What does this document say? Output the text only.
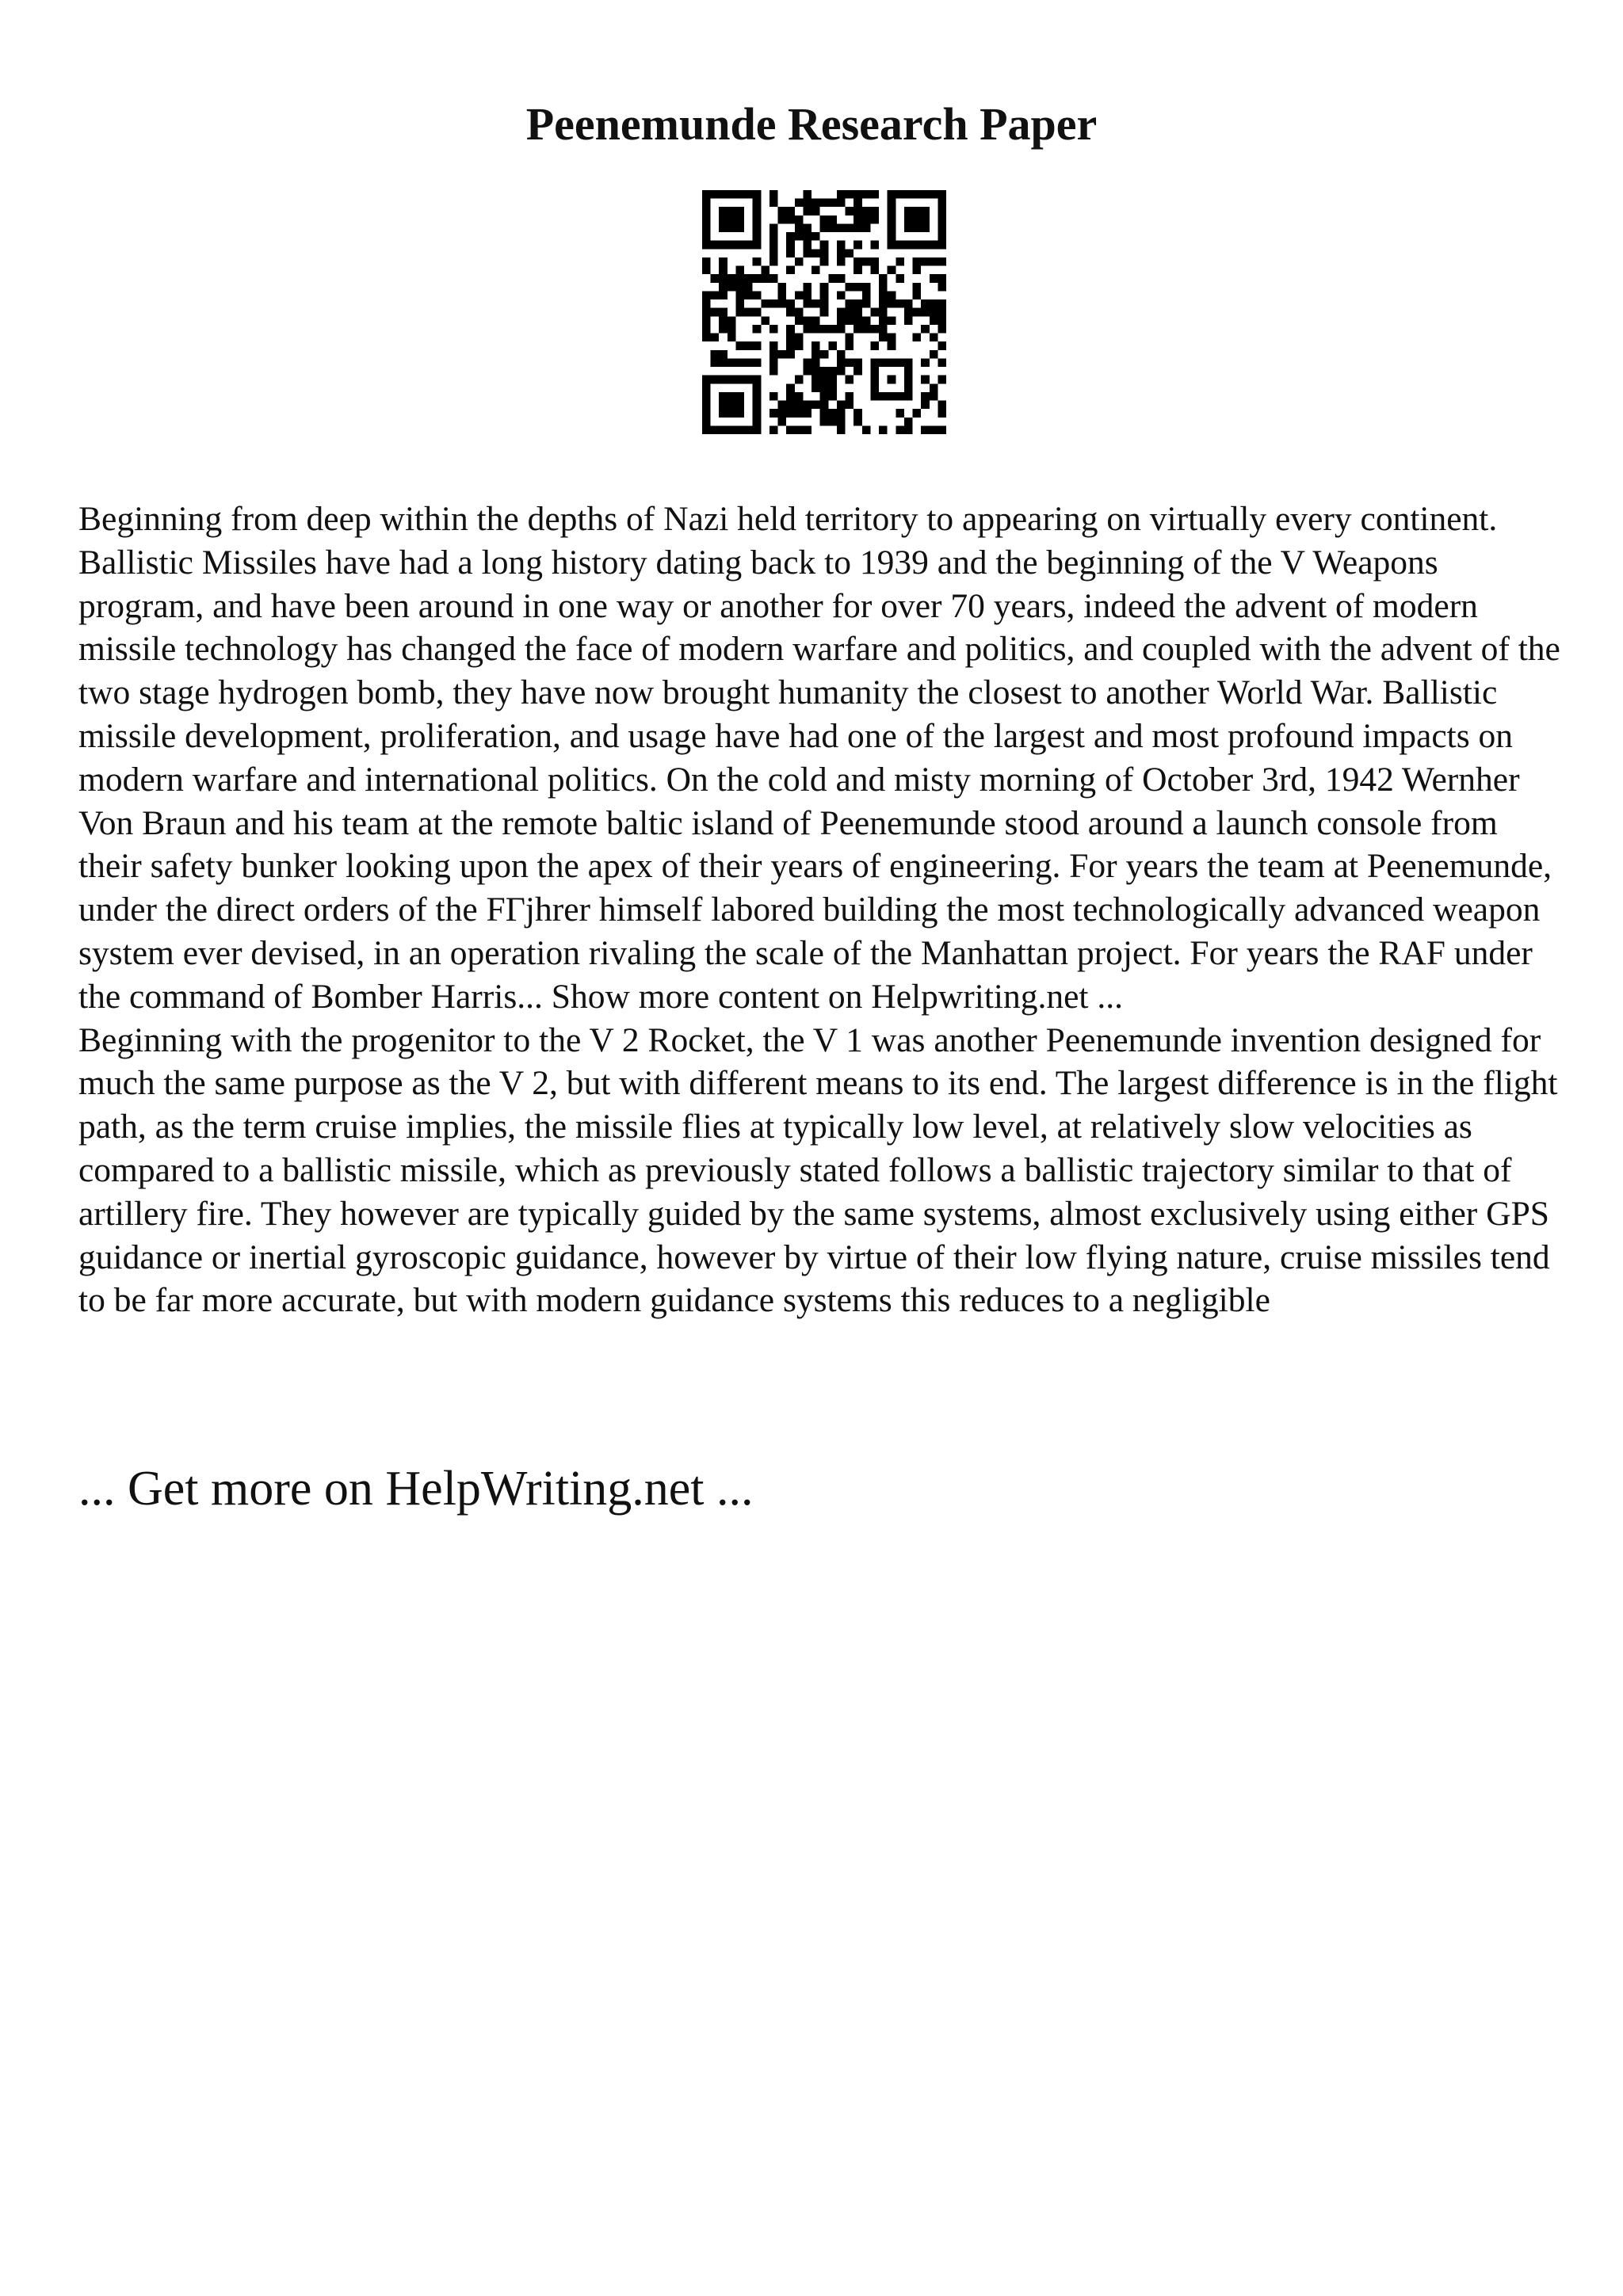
Peenemunde Research Paper

Beginning from deep within the depths of Nazi held territory to appearing on virtually every continent. Ballistic Missiles have had a long history dating back to 1939 and the beginning of the V Weapons program, and have been around in one way or another for over 70 years, indeed the advent of modern missile technology has changed the face of modern warfare and politics, and coupled with the advent of the two stage hydrogen bomb, they have now brought humanity the closest to another World War. Ballistic missile development, proliferation, and usage have had one of the largest and most profound impacts on modern warfare and international politics. On the cold and misty morning of October 3rd, 1942 Wernher Von Braun and his team at the remote baltic island of Peenemunde stood around a launch console from their safety bunker looking upon the apex of their years of engineering. For years the team at Peenemunde, under the direct orders of the FΓјhrer himself labored building the most technologically advanced weapon system ever devised, in an operation rivaling the scale of the Manhattan project. For years the RAF under the command of Bomber Harris... Show more content on Helpwriting.net ...

Beginning with the progenitor to the V 2 Rocket, the V 1 was another Peenemunde invention designed for much the same purpose as the V 2, but with different means to its end. The largest difference is in the flight path, as the term cruise implies, the missile flies at typically low level, at relatively slow velocities as compared to a ballistic missile, which as previously stated follows a ballistic trajectory similar to that of artillery fire. They however are typically guided by the same systems, almost exclusively using either GPS guidance or inertial gyroscopic guidance, however by virtue of their low flying nature, cruise missiles tend to be far more accurate, but with modern guidance systems this reduces to a negligible

... Get more on HelpWriting.net ...
